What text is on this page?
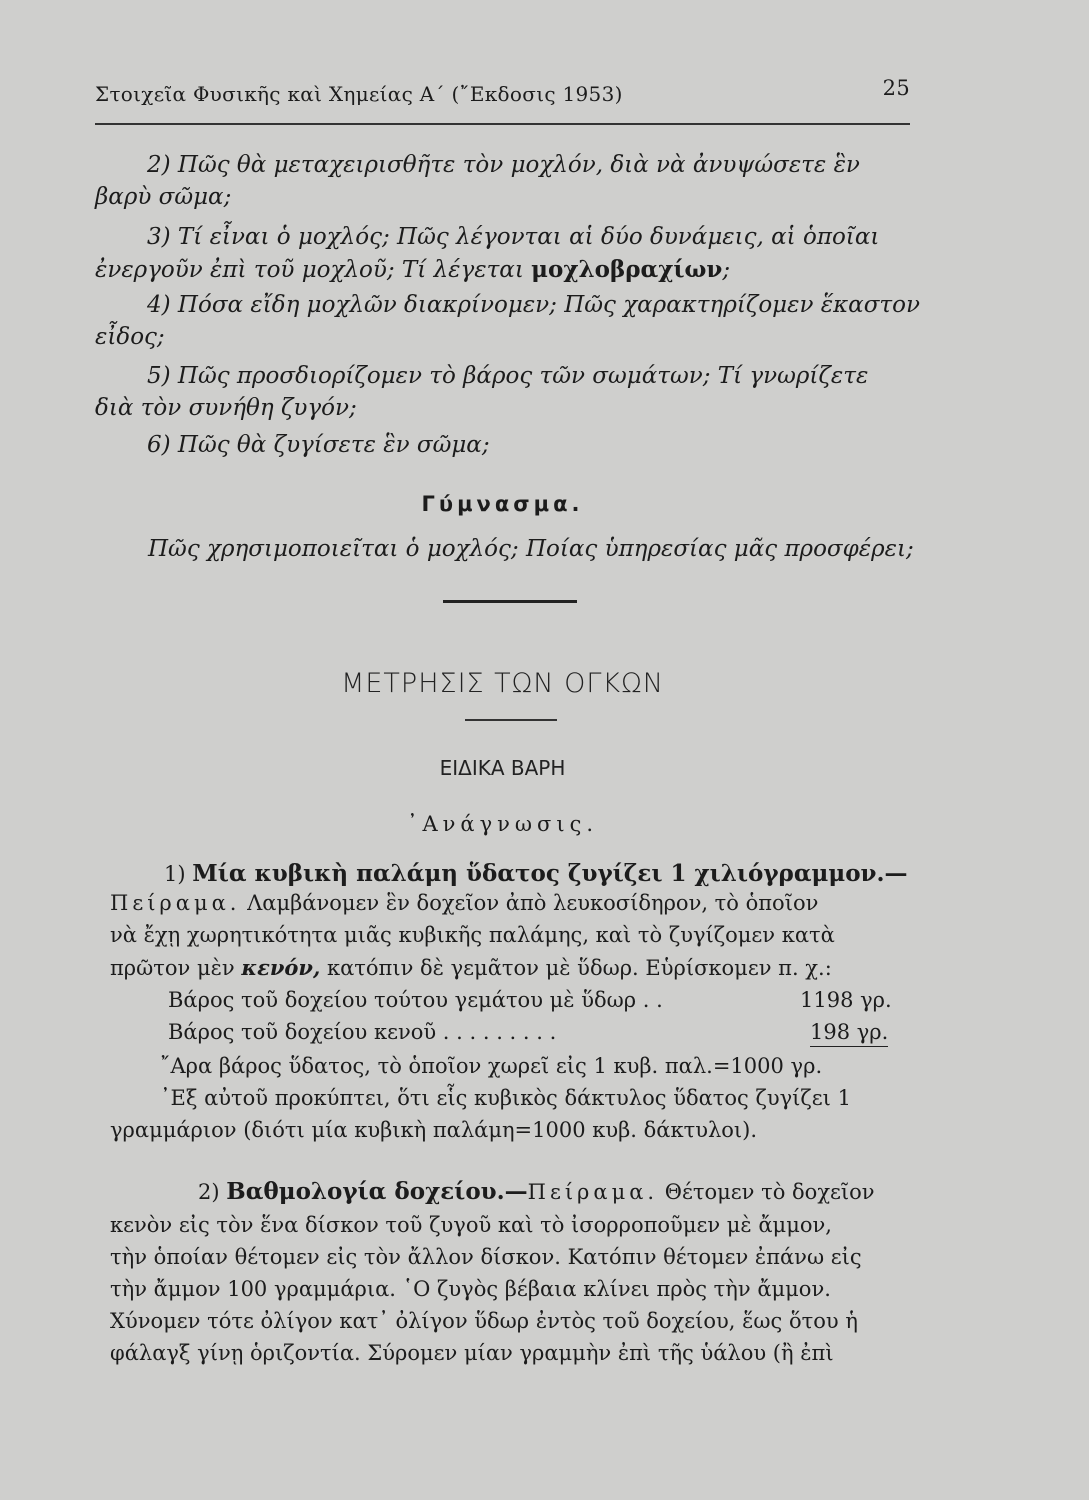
Στοιχεῖα Φυσικῆς καὶ Χημείας Α´ (῎Εκδοσις 1953)	25
2) Πῶς θὰ μεταχειρισθῆτε τὸν μοχλόν, διὰ νὰ ἀνυψώσετε ἓν
βαρὺ σῶμα;
3) Τί εἶναι ὁ μοχλός; Πῶς λέγονται αἱ δύο δυνάμεις, αἱ ὁποῖαι
ἐνεργοῦν ἐπὶ τοῦ μοχλοῦ; Τί λέγεται μοχλοβραχίων;
4) Πόσα εἴδη μοχλῶν διακρίνομεν; Πῶς χαρακτηρίζομεν ἕκαστον
εἶδος;
5) Πῶς προσδιορίζομεν τὸ βάρος τῶν σωμάτων; Τί γνωρίζετε
διὰ τὸν συνήθη ζυγόν;
6) Πῶς θὰ ζυγίσετε ἓν σῶμα;
Γύμνασμα.
Πῶς χρησιμοποιεῖται ὁ μοχλός; Ποίας ὑπηρεσίας μᾶς προσφέρει;
ΜΕΤΡΗΣΙΣ ΤΩΝ ΟΓΚΩΝ
ΕΙΔΙΚΑ ΒΑΡΗ
᾿Ανάγνωσις.
1) Μία κυβικὴ παλάμη ὕδατος ζυγίζει 1 χιλιόγραμμον.—
Πείραμα. Λαμβάνομεν ἓν δοχεῖον ἀπὸ λευκοσίδηρον, τὸ ὁποῖον
νὰ ἔχῃ χωρητικότητα μιᾶς κυβικῆς παλάμης, καὶ τὸ ζυγίζομεν κατὰ
πρῶτον μὲν κενόν, κατόπιν δὲ γεμᾶτον μὲ ὕδωρ. Εὑρίσκομεν π. χ.:
Βάρος τοῦ δοχείου τούτου γεμάτου μὲ ὕδωρ . .	1198 γρ.
Βάρος τοῦ δοχείου κενοῦ . . . . . . . . .	198 γρ.
῎Αρα βάρος ὕδατος, τὸ ὁποῖον χωρεῖ εἰς 1 κυβ. παλ.=1000 γρ.
᾿Εξ αὐτοῦ προκύπτει, ὅτι εἷς κυβικὸς δάκτυλος ὕδατος ζυγίζει 1
γραμμάριον (διότι μία κυβικὴ παλάμη=1000 κυβ. δάκτυλοι).
2) Βαθμολογία δοχείου.—Πείραμα. Θέτομεν τὸ δοχεῖον
κενὸν εἰς τὸν ἕνα δίσκον τοῦ ζυγοῦ καὶ τὸ ἰσορροποῦμεν μὲ ἄμμον,
τὴν ὁποίαν θέτομεν εἰς τὸν ἄλλον δίσκον. Κατόπιν θέτομεν ἐπάνω εἰς
τὴν ἄμμον 100 γραμμάρια. ῾Ο ζυγὸς βέβαια κλίνει πρὸς τὴν ἄμμον.
Χύνομεν τότε ὀλίγον κατ᾽ ὀλίγον ὕδωρ ἐντὸς τοῦ δοχείου, ἕως ὅτου ἡ
φάλαγξ γίνῃ ὁριζοντία. Σύρομεν μίαν γραμμὴν ἐπὶ τῆς ὑάλου (ἢ ἐπὶ
